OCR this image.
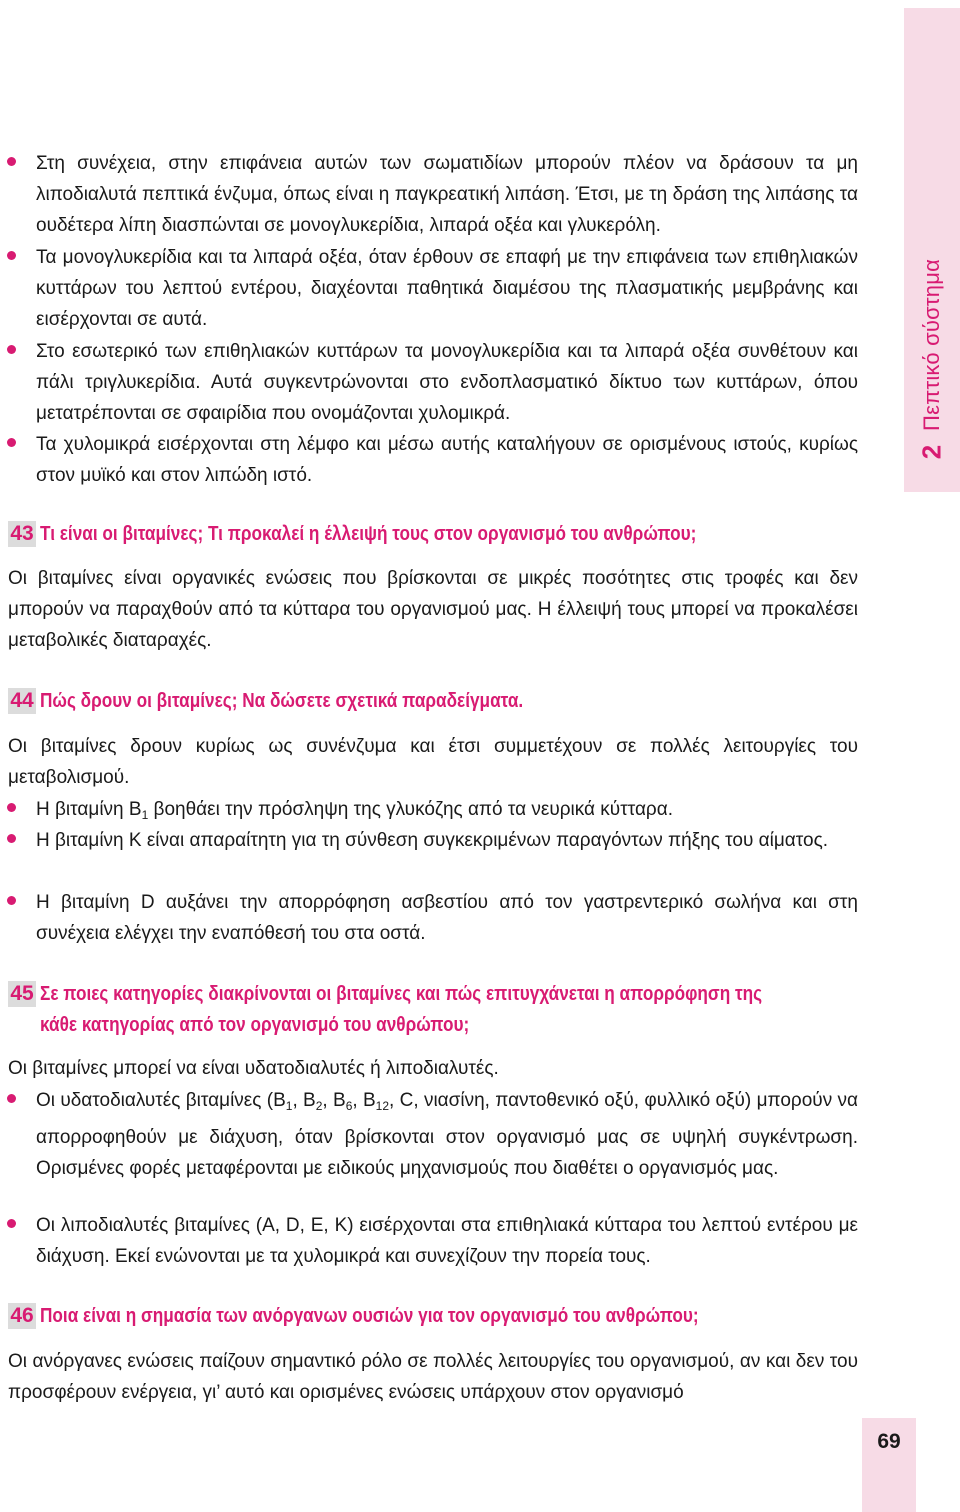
Πεπτικό σύστημα
2
69
Στη συνέχεια, στην επιφάνεια αυτών των σωματιδίων μπορούν πλέον να δράσουν τα μη λιποδιαλυτά πεπτικά ένζυμα, όπως είναι η παγκρεατική λιπάση. Έτσι, με τη δράση της λιπάσης τα ουδέτερα λίπη διασπώνται σε μονογλυκερίδια, λιπαρά οξέα και γλυκερόλη.
Τα μονογλυκερίδια και τα λιπαρά οξέα, όταν έρθουν σε επαφή με την επιφάνεια των επιθηλιακών κυττάρων του λεπτού εντέρου, διαχέονται παθητικά διαμέσου της πλασματικής μεμβράνης και εισέρχονται σε αυτά.
Στο εσωτερικό των επιθηλιακών κυττάρων τα μονογλυκερίδια και τα λιπαρά οξέα συνθέτουν και πάλι τριγλυκερίδια. Αυτά συγκεντρώνονται στο ενδοπλασματικό δίκτυο των κυττάρων, όπου μετατρέπονται σε σφαιρίδια που ονομάζονται χυλομικρά.
Τα χυλομικρά εισέρχονται στη λέμφο και μέσω αυτής καταλήγουν σε ορισμένους ιστούς, κυρίως στον μυϊκό και στον λιπώδη ιστό.
43 Τι είναι οι βιταμίνες; Τι προκαλεί η έλλειψή τους στον οργανισμό του ανθρώπου;
Οι βιταμίνες είναι οργανικές ενώσεις που βρίσκονται σε μικρές ποσότητες στις τροφές και δεν μπορούν να παραχθούν από τα κύτταρα του οργανισμού μας. Η έλλειψή τους μπορεί να προκαλέσει μεταβολικές διαταραχές.
44 Πώς δρουν οι βιταμίνες; Να δώσετε σχετικά παραδείγματα.
Οι βιταμίνες δρουν κυρίως ως συνένζυμα και έτσι συμμετέχουν σε πολλές λειτουργίες του μεταβολισμού.
Η βιταμίνη $B_1$ βοηθάει την πρόσληψη της γλυκόζης από τα νευρικά κύτταρα.
Η βιταμίνη Κ είναι απαραίτητη για τη σύνθεση συγκεκριμένων παραγόντων πήξης του αίματος.
Η βιταμίνη D αυξάνει την απορρόφηση ασβεστίου από τον γαστρεντερικό σωλήνα και στη συνέχεια ελέγχει την εναπόθεσή του στα οστά.
45 Σε ποιες κατηγορίες διακρίνονται οι βιταμίνες και πώς επιτυγχάνεται η απορρόφηση της
κάθε κατηγορίας από τον οργανισμό του ανθρώπου;
Οι βιταμίνες μπορεί να είναι υδατοδιαλυτές ή λιποδιαλυτές.
Οι υδατοδιαλυτές βιταμίνες ($B_1$, $B_2$, $B_6$, $B_{12}$, C, νιασίνη, παντοθενικό οξύ, φυλλικό οξύ) μπορούν να απορροφηθούν με διάχυση, όταν βρίσκονται στον οργανισμό μας σε υψηλή συγκέντρωση. Ορισμένες φορές μεταφέρονται με ειδικούς μηχανισμούς που διαθέτει ο οργανισμός μας.
Οι λιποδιαλυτές βιταμίνες (A, D, E, K) εισέρχονται στα επιθηλιακά κύτταρα του λεπτού εντέρου με διάχυση. Εκεί ενώνονται με τα χυλομικρά και συνεχίζουν την πορεία τους.
46 Ποια είναι η σημασία των ανόργανων ουσιών για τον οργανισμό του ανθρώπου;
Οι ανόργανες ενώσεις παίζουν σημαντικό ρόλο σε πολλές λειτουργίες του οργανισμού, αν και δεν του προσφέρουν ενέργεια, γι’ αυτό και ορισμένες ενώσεις υπάρχουν στον οργανισμό
